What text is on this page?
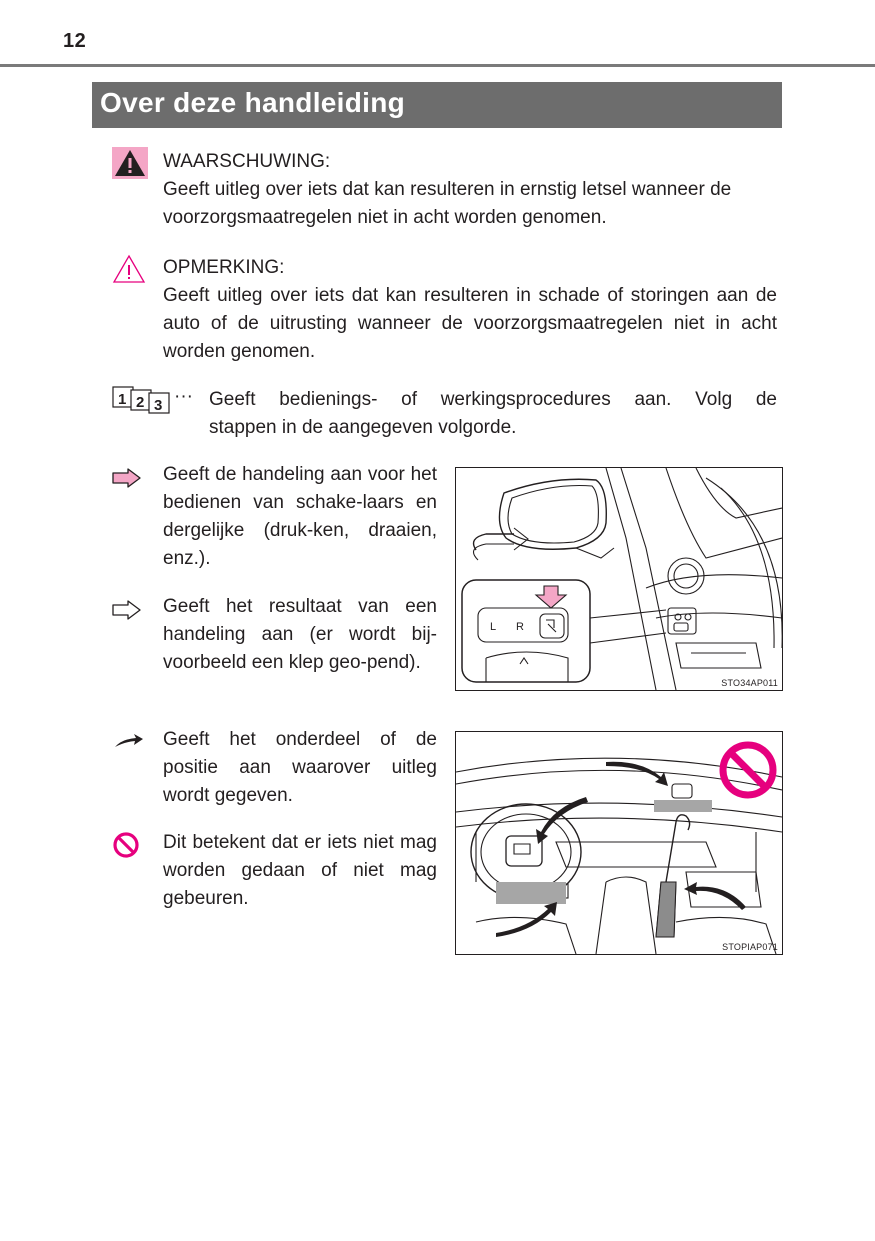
12
Over deze handleiding
WAARSCHUWING:
Geeft uitleg over iets dat kan resulteren in ernstig letsel wanneer de voorzorgsmaatregelen niet in acht worden genomen.
OPMERKING:
Geeft uitleg over iets dat kan resulteren in schade of storingen aan de auto of de uitrusting wanneer de voorzorgsmaatregelen niet in acht worden genomen.
1 2 3 ··· Geeft bedienings- of werkingsprocedures aan. Volg de
stappen in de aangegeven volgorde.
Geeft de handeling aan voor het bedienen van schake-laars en dergelijke (druk-ken, draaien, enz.).
Geeft het resultaat van een handeling aan (er wordt bij-voorbeeld een klep geo-pend).
Geeft het onderdeel of de positie aan waarover uitleg wordt gegeven.
Dit betekent dat er iets niet mag worden gedaan of niet mag gebeuren.
L R
STO34AP011
STOPIAP071
